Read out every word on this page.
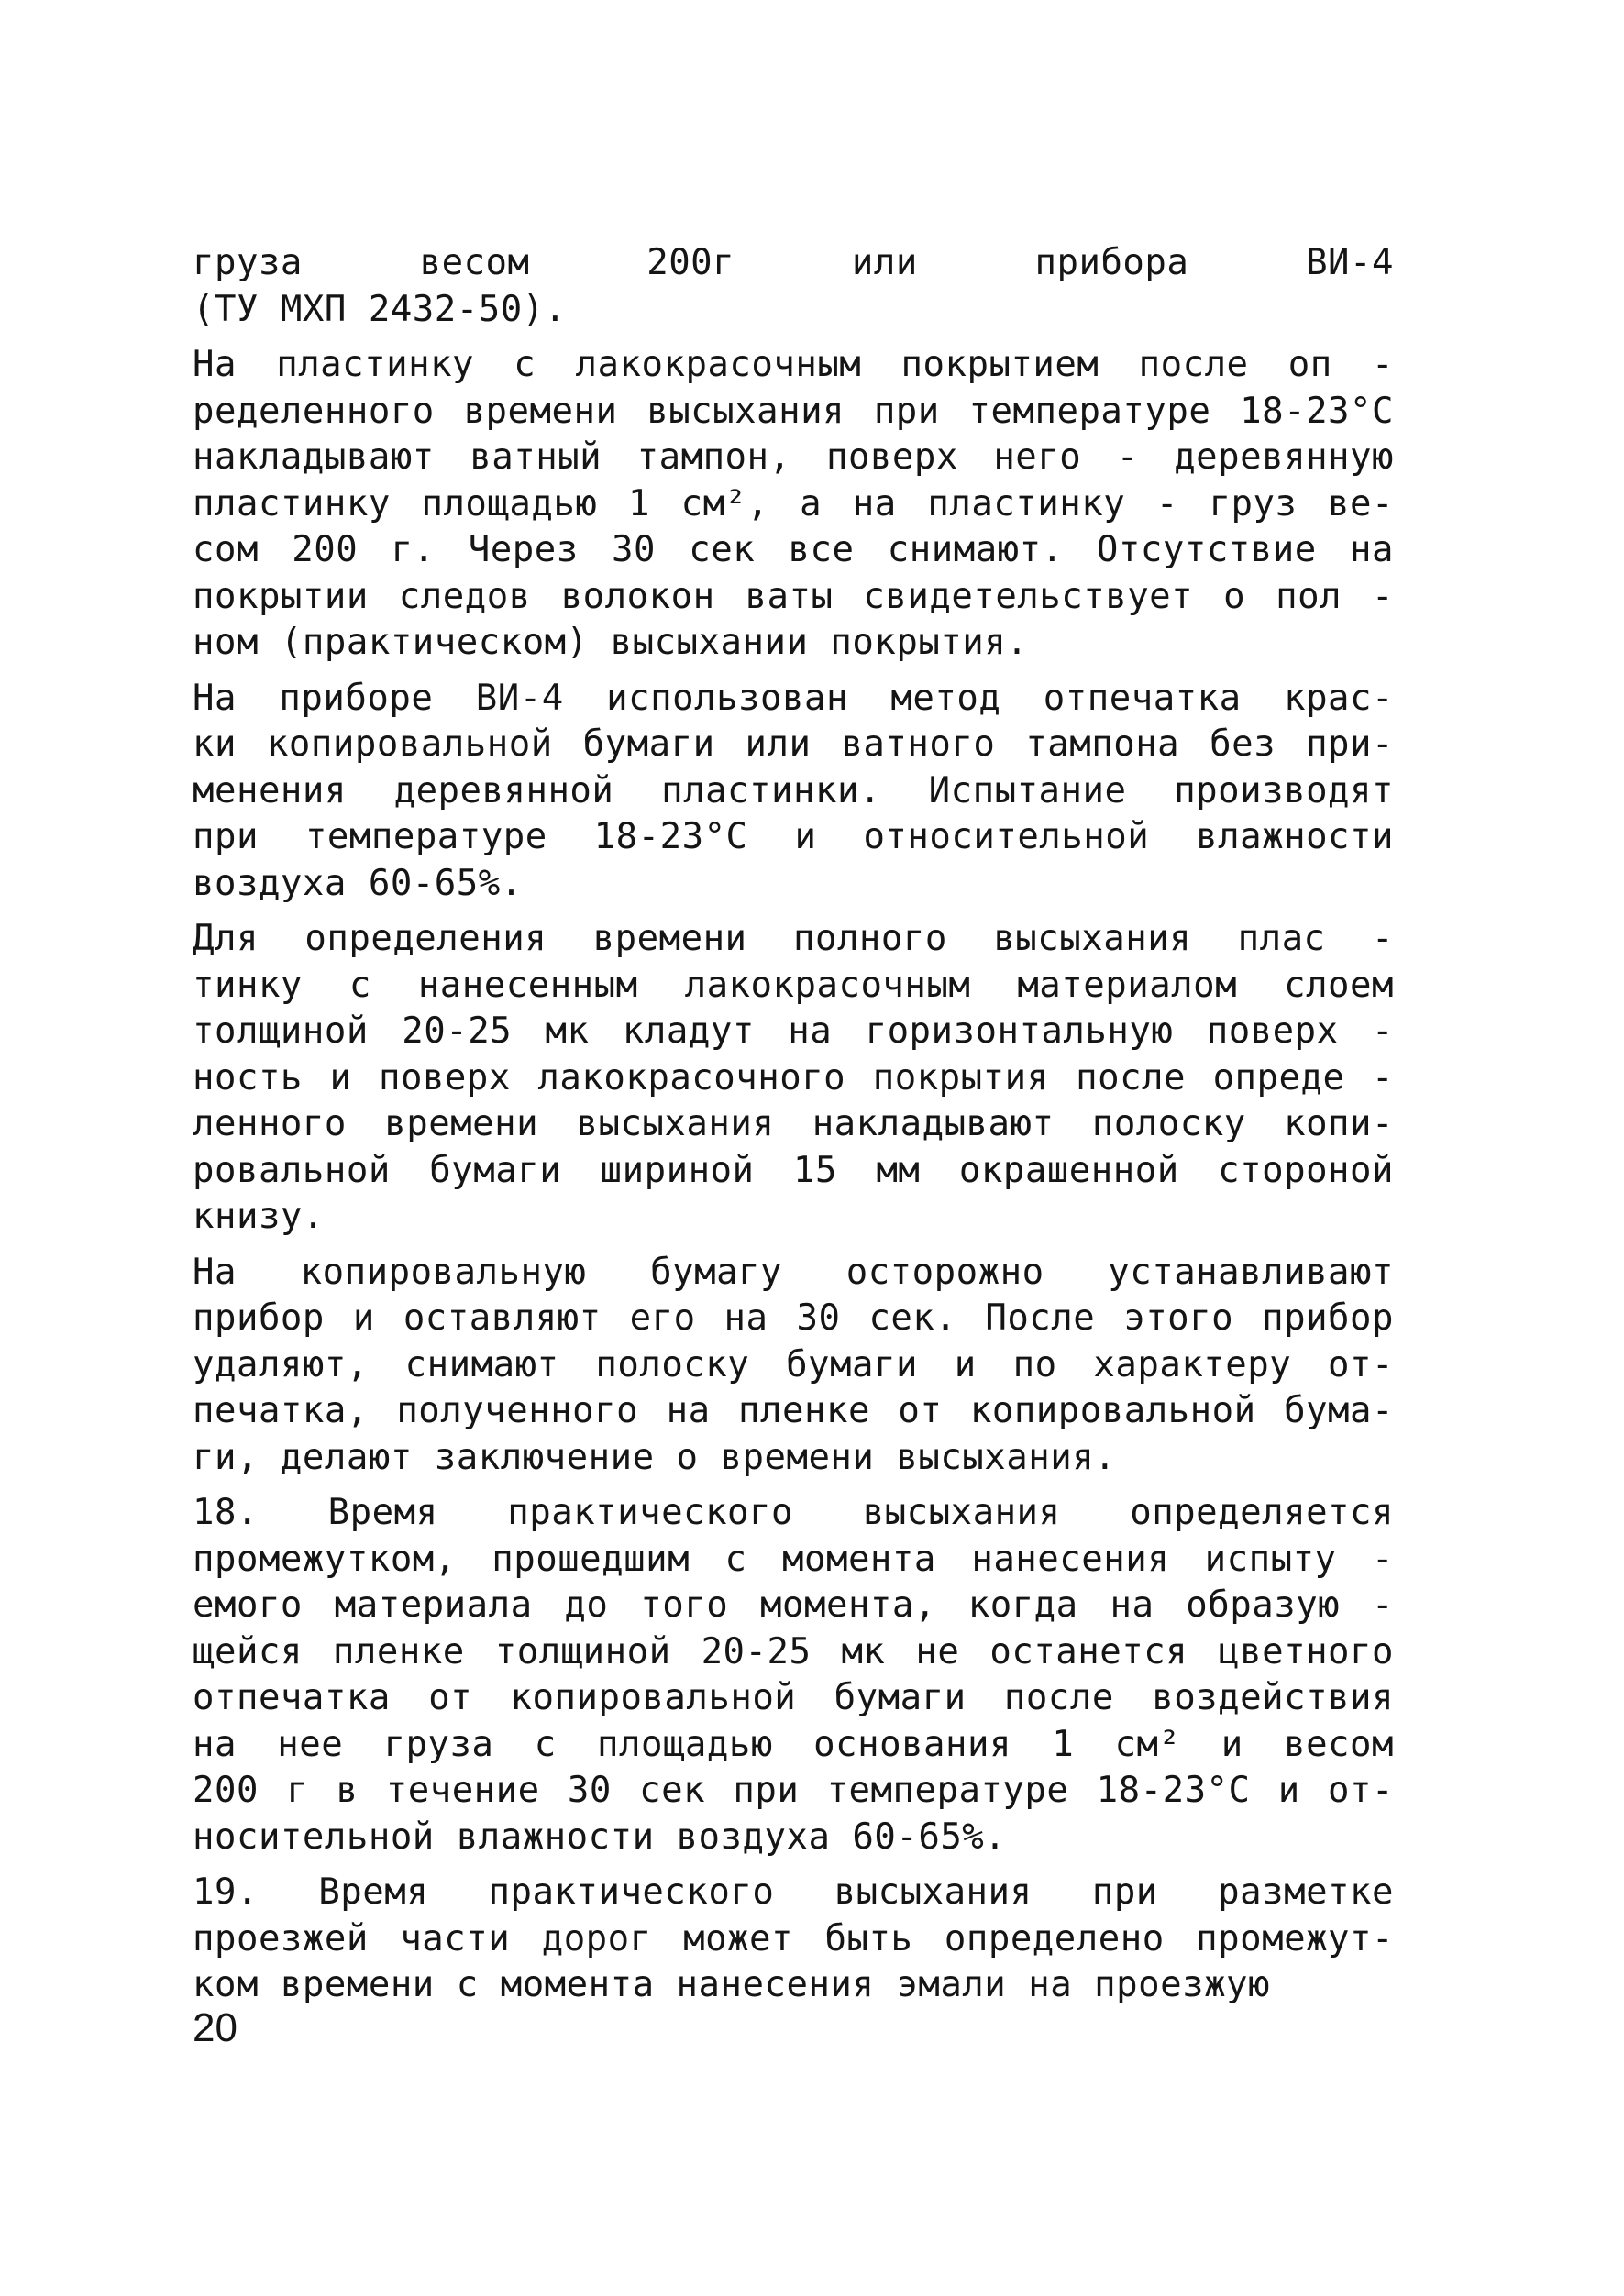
груза весом 200г или прибора ВИ-4
(ТУ МХП 2432-50).
На пластинку с лакокрасочным покрытием после оп -
ределенного времени высыхания при температуре 18-23°С
накладывают ватный тампон, поверх него - деревянную
пластинку площадью 1 см², а на пластинку - груз ве-
сом 200 г. Через 30 сек все снимают. Отсутствие на
покрытии следов волокон ваты свидетельствует о пол -
ном (практическом) высыхании покрытия.
На приборе ВИ-4 использован метод отпечатка крас-
ки копировальной бумаги или ватного тампона без при-
менения деревянной пластинки. Испытание производят
при температуре 18-23°С и относительной влажности
воздуха 60-65%.
Для определения времени полного высыхания плас -
тинку с нанесенным лакокрасочным материалом слоем
толщиной 20-25 мк кладут на горизонтальную поверх -
ность и поверх лакокрасочного покрытия после опреде -
ленного времени высыхания накладывают полоску копи-
ровальной бумаги шириной 15 мм окрашенной стороной
книзу.
На копировальную бумагу осторожно устанавливают
прибор и оставляют его на 30 сек. После этого прибор
удаляют, снимают полоску бумаги и по характеру от-
печатка, полученного на пленке от копировальной бума-
ги, делают заключение о времени высыхания.
18. Время практического высыхания определяется
промежутком, прошедшим с момента нанесения испыту -
емого материала до того момента, когда на образую -
щейся пленке толщиной 20-25 мк не останется цветного
отпечатка от копировальной бумаги после воздействия
на нее груза с площадью основания 1 см² и весом
200 г в течение 30 сек при температуре 18-23°С и от-
носительной влажности воздуха 60-65%.
19. Время практического высыхания при разметке
проезжей части дорог может быть определено промежут-
ком времени с момента нанесения эмали на проезжую
20
